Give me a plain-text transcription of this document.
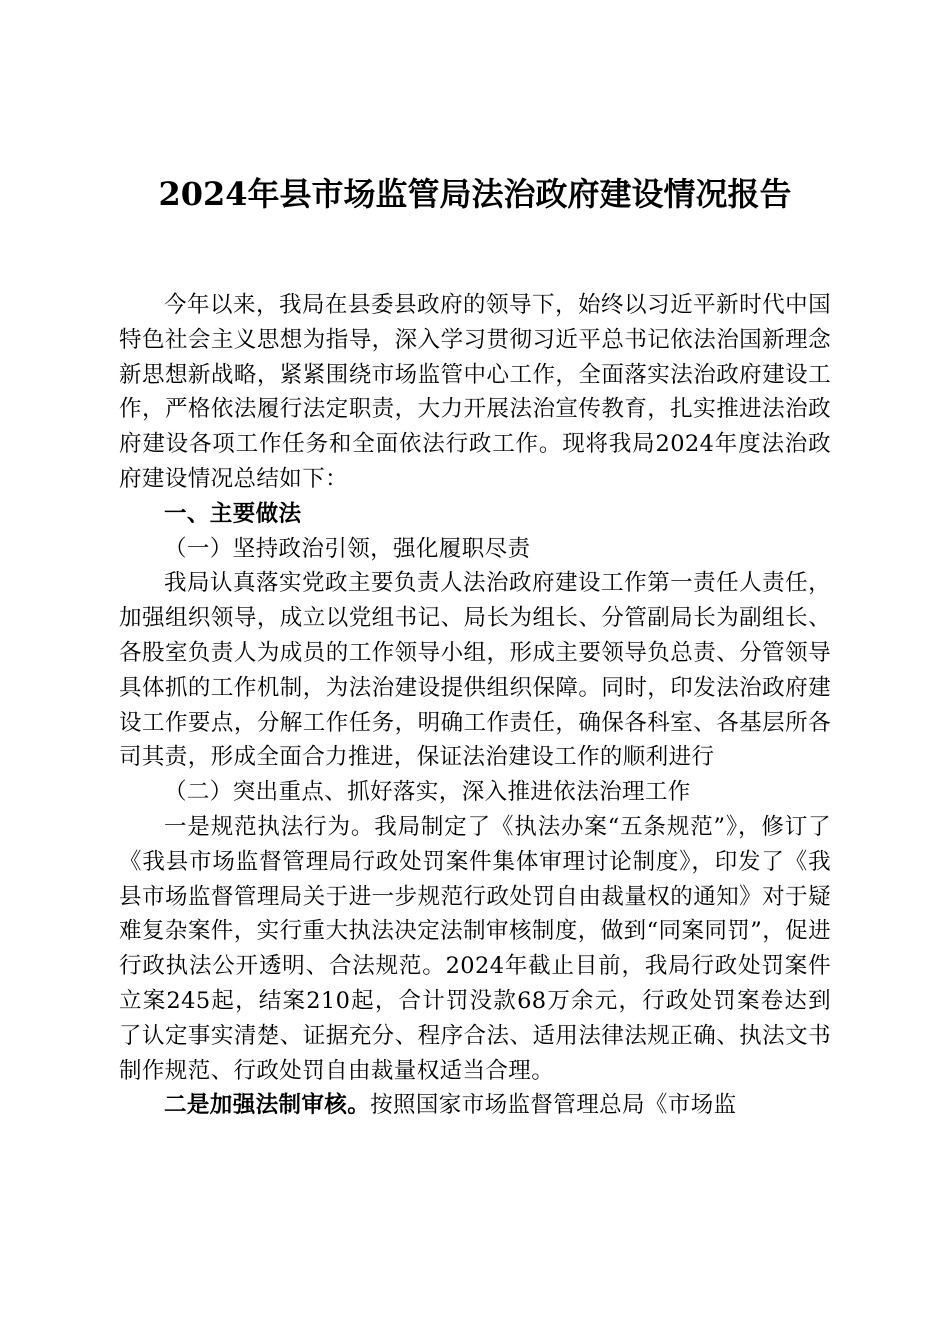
2024年县市场监管局法治政府建设情况报告

今年以来，我局在县委县政府的领导下，始终以习近平新时代中国特色社会主义思想为指导，深入学习贯彻习近平总书记依法治国新理念新思想新战略，紧紧围绕市场监管中心工作，全面落实法治政府建设工作，严格依法履行法定职责，大力开展法治宣传教育，扎实推进法治政府建设各项工作任务和全面依法行政工作。现将我局2024年度法治政府建设情况总结如下：

一、主要做法

（一）坚持政治引领，强化履职尽责

我局认真落实党政主要负责人法治政府建设工作第一责任人责任，加强组织领导，成立以党组书记、局长为组长、分管副局长为副组长、各股室负责人为成员的工作领导小组，形成主要领导负总责、分管领导具体抓的工作机制，为法治建设提供组织保障。同时，印发法治政府建设工作要点，分解工作任务，明确工作责任，确保各科室、各基层所各司其责，形成全面合力推进，保证法治建设工作的顺利进行

（二）突出重点、抓好落实，深入推进依法治理工作

一是规范执法行为。我局制定了《执法办案“五条规范”》，修订了《我县市场监督管理局行政处罚案件集体审理讨论制度》，印发了《我县市场监督管理局关于进一步规范行政处罚自由裁量权的通知》对于疑难复杂案件，实行重大执法决定法制审核制度，做到“同案同罚”，促进行政执法公开透明、合法规范。2024年截止目前，我局行政处罚案件立案245起，结案210起，合计罚没款68万余元，行政处罚案卷达到了认定事实清楚、证据充分、程序合法、适用法律法规正确、执法文书制作规范、行政处罚自由裁量权适当合理。

二是加强法制审核。按照国家市场监督管理总局《市场监
